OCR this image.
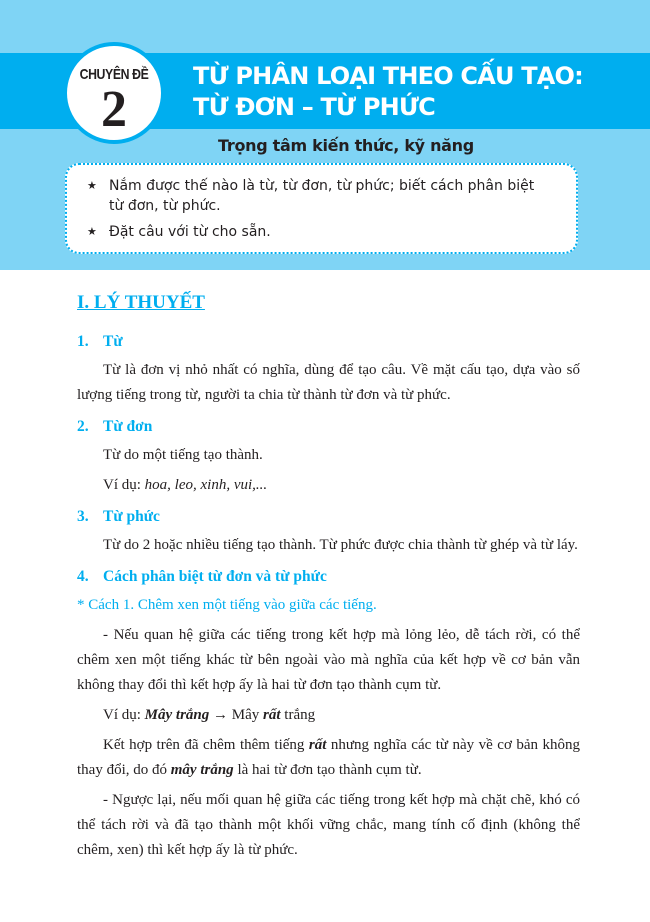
CHUYÊN ĐỀ
2
TỪ PHÂN LOẠI THEO CẤU TẠO:
TỪ ĐƠN – TỪ PHỨC
Trọng tâm kiến thức, kỹ năng
★ Nắm được thế nào là từ, từ đơn, từ phức; biết cách phân biệt từ đơn, từ phức.
★ Đặt câu với từ cho sẵn.
I. LÝ THUYẾT
1. Từ

Từ là đơn vị nhỏ nhất có nghĩa, dùng để tạo câu. Về mặt cấu tạo, dựa vào số lượng tiếng trong từ, người ta chia từ thành từ đơn và từ phức.

2. Từ đơn

Từ do một tiếng tạo thành.

Ví dụ: hoa, leo, xinh, vui,...

3. Từ phức

Từ do 2 hoặc nhiều tiếng tạo thành. Từ phức được chia thành từ ghép và từ láy.

4. Cách phân biệt từ đơn và từ phức
* Cách 1. Chêm xen một tiếng vào giữa các tiếng.

- Nếu quan hệ giữa các tiếng trong kết hợp mà lỏng lẻo, dễ tách rời, có thể chêm xen một tiếng khác từ bên ngoài vào mà nghĩa của kết hợp về cơ bản vẫn không thay đổi thì kết hợp ấy là hai từ đơn tạo thành cụm từ.

Ví dụ: Mây trắng → Mây rất trắng

Kết hợp trên đã chêm thêm tiếng rất nhưng nghĩa các từ này về cơ bản không thay đổi, do đó mây trắng là hai từ đơn tạo thành cụm từ.

- Ngược lại, nếu mối quan hệ giữa các tiếng trong kết hợp mà chặt chẽ, khó có thể tách rời và đã tạo thành một khối vững chắc, mang tính cố định (không thể chêm, xen) thì kết hợp ấy là từ phức.
